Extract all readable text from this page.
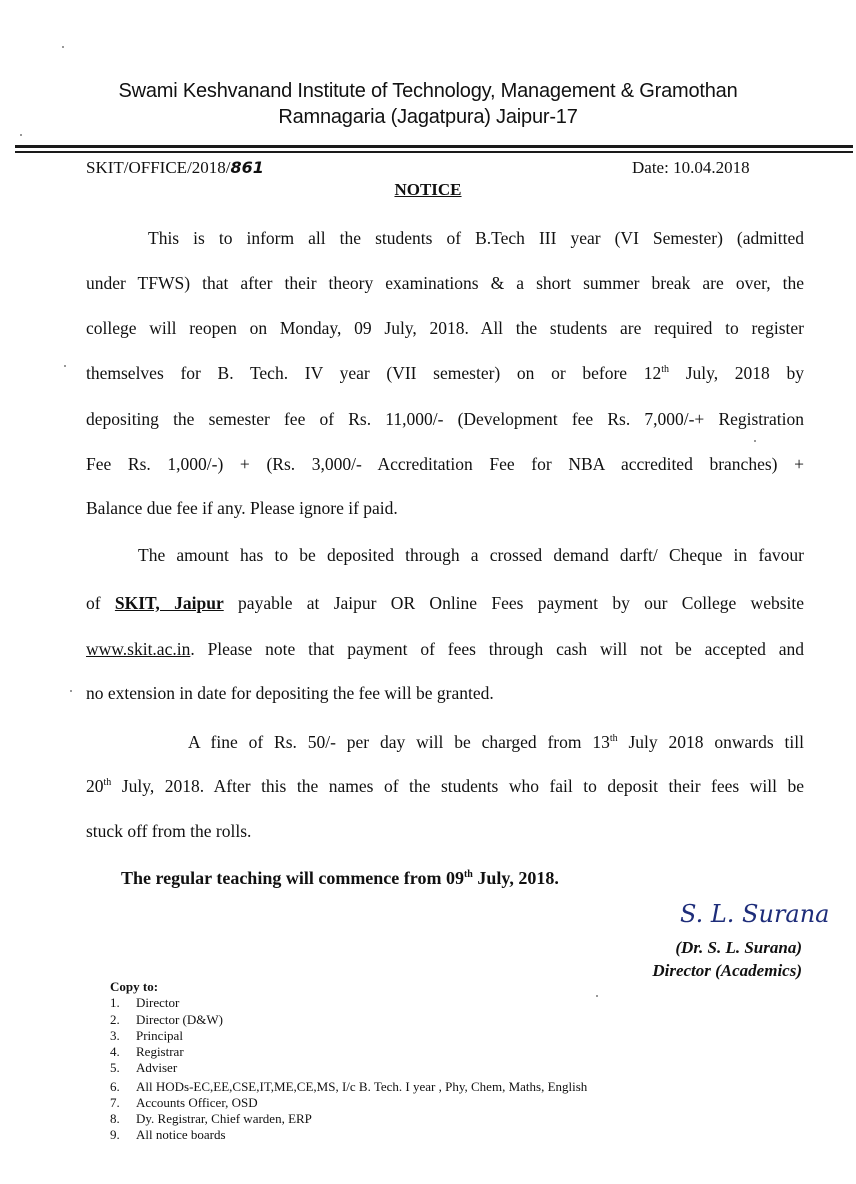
Swami Keshvanand Institute of Technology, Management & Gramothan
Ramnagaria (Jagatpura) Jaipur-17
SKIT/OFFICE/2018/861	Date: 10.04.2018
NOTICE
This is to inform all the students of B.Tech III year (VI Semester) (admitted
under TFWS) that after their theory examinations & a short summer break are over, the
college will reopen on Monday, 09 July, 2018. All the students are required to register
themselves for B. Tech. IV year (VII semester) on or before 12th July, 2018 by
depositing the semester fee of Rs. 11,000/- (Development fee Rs. 7,000/-+ Registration
Fee Rs. 1,000/-) + (Rs. 3,000/- Accreditation Fee for NBA accredited branches) +
Balance due fee if any. Please ignore if paid.
The amount has to be deposited through a crossed demand darft/ Cheque in favour
of SKIT, Jaipur payable at Jaipur OR Online Fees payment by our College website
www.skit.ac.in. Please note that payment of fees through cash will not be accepted and
no extension in date for depositing the fee will be granted.
A fine of Rs. 50/- per day will be charged from 13th July 2018 onwards till
20th July, 2018. After this the names of the students who fail to deposit their fees will be
stuck off from the rolls.
The regular teaching will commence from 09th July, 2018.
S. L. Surana
(Dr. S. L. Surana)
Director (Academics)
Copy to:
1. Director
2. Director (D&W)
3. Principal
4. Registrar
5. Adviser
6. All HODs-EC,EE,CSE,IT,ME,CE,MS, I/c B. Tech. I year , Phy, Chem, Maths, English
7. Accounts Officer, OSD
8. Dy. Registrar, Chief warden, ERP
9. All notice boards
